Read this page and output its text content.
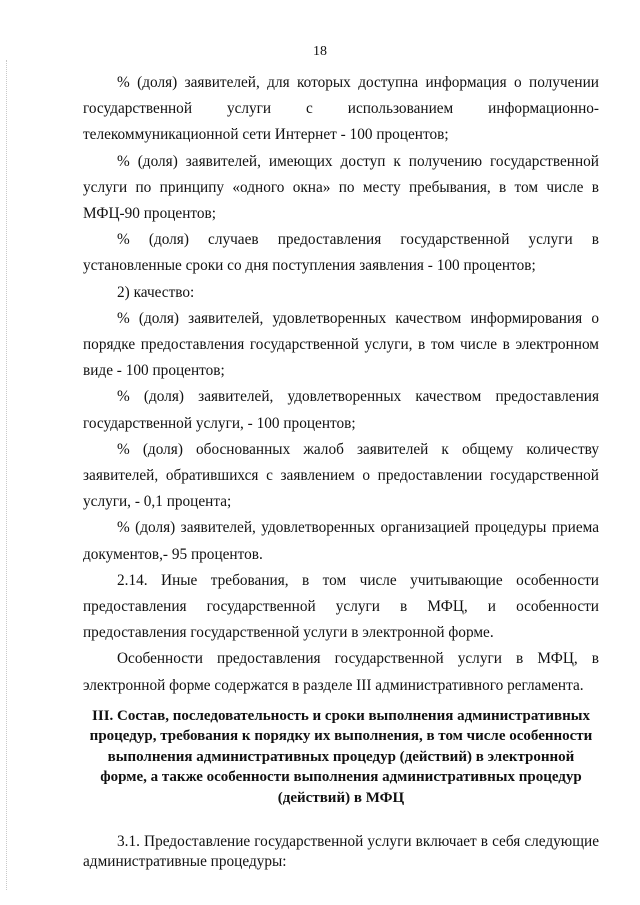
18

% (доля) заявителей, для которых доступна информация о получении государственной услуги с использованием информационно-телекоммуникационной сети Интернет - 100 процентов;

% (доля) заявителей, имеющих доступ к получению государственной услуги по принципу «одного окна» по месту пребывания, в том числе в МФЦ-90 процентов;

% (доля) случаев предоставления государственной услуги в установленные сроки со дня поступления заявления - 100 процентов;

2) качество:

% (доля) заявителей, удовлетворенных качеством информирования о порядке предоставления государственной услуги, в том числе в электронном виде - 100 процентов;

% (доля) заявителей, удовлетворенных качеством предоставления государственной услуги, - 100 процентов;

% (доля) обоснованных жалоб заявителей к общему количеству заявителей, обратившихся с заявлением о предоставлении государственной услуги, - 0,1 процента;

% (доля) заявителей, удовлетворенных организацией процедуры приема документов,- 95 процентов.

2.14. Иные требования, в том числе учитывающие особенности предоставления государственной услуги в МФЦ, и особенности предоставления государственной услуги в электронной форме.

Особенности предоставления государственной услуги в МФЦ, в электронной форме содержатся в разделе III административного регламента.

III. Состав, последовательность и сроки выполнения административных процедур, требования к порядку их выполнения, в том числе особенности выполнения административных процедур (действий) в электронной форме, а также особенности выполнения административных процедур (действий) в МФЦ

3.1. Предоставление государственной услуги включает в себя следующие административные процедуры:
